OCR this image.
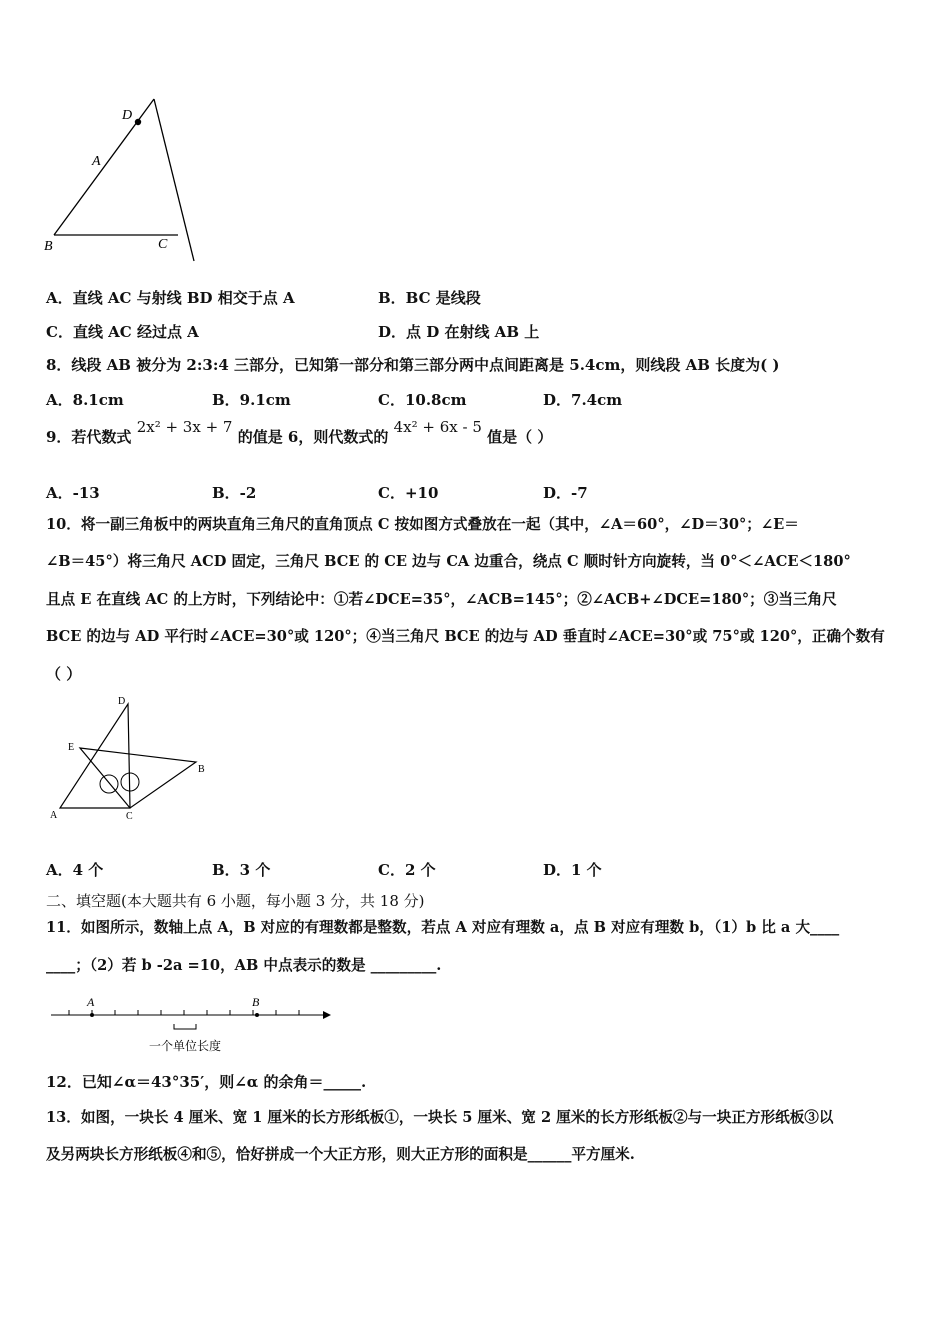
D
A
B	C
A．直线 AC 与射线 BD 相交于点 A	B．BC 是线段
C．直线 AC 经过点 A	D．点 D 在射线 AB 上
8．线段 AB 被分为 2:3:4 三部分，已知第一部分和第三部分两中点间距离是 5.4cm，则线段 AB 长度为( )
A．8.1cm	B．9.1cm	C．10.8cm	D．7.4cm
9．若代数式 2x² + 3x + 7 的值是 6，则代数式的 4x² + 6x - 5 值是（ ）
A．-13	B．-2	C．+10	D．-7
10．将一副三角板中的两块直角三角尺的直角顶点 C 按如图方式叠放在一起（其中，∠A＝60°，∠D＝30°；∠E＝
∠B＝45°）将三角尺 ACD 固定，三角尺 BCE 的 CE 边与 CA 边重合，绕点 C 顺时针方向旋转，当 0°＜∠ACE＜180°
且点 E 在直线 AC 的上方时，下列结论中：①若∠DCE=35°，∠ACB=145°；②∠ACB+∠DCE=180°；③当三角尺
BCE 的边与 AD 平行时∠ACE=30°或 120°；④当三角尺 BCE 的边与 AD 垂直时∠ACE=30°或 75°或 120°，正确个数有
（ ）
D
E
B
A	C
A．4 个	B．3 个	C．2 个	D．1 个
二、填空题(本大题共有 6 小题，每小题 3 分，共 18 分)
11．如图所示，数轴上点 A，B 对应的有理数都是整数，若点 A 对应有理数 a，点 B 对应有理数 b，（1）b 比 a 大____
____；（2）若 b -2a =10，AB 中点表示的数是 _________.
A	B
一个单位长度
12．已知∠α＝43°35′，则∠α 的余角＝_____.
13．如图，一块长 4 厘米、宽 1 厘米的长方形纸板①，一块长 5 厘米、宽 2 厘米的长方形纸板②与一块正方形纸板③以
及另两块长方形纸板④和⑤，恰好拼成一个大正方形，则大正方形的面积是______平方厘米.
